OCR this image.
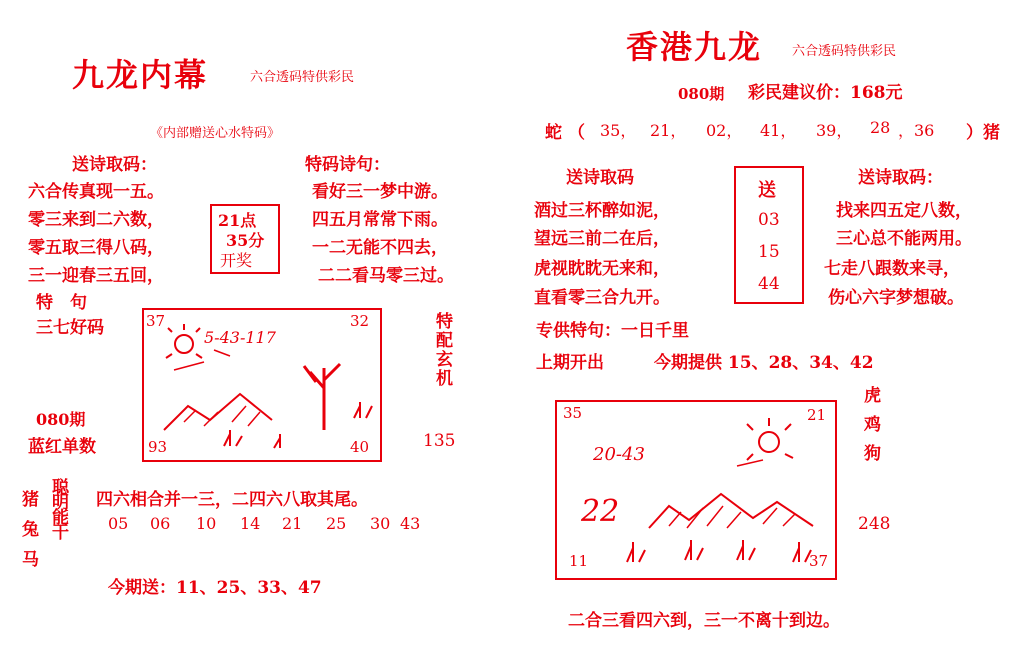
九龙内幕	六合透码特供彩民
《内部赠送心水特码》
送诗取码：	特码诗句：
六合传真现一五。
零三来到二六数，
零五取三得八码，
三一迎春三五回，
看好三一梦中游。
四五月常常下雨。
一二无能不四去，
二二看马零三过。
21点
35分
开奖
特　句
三七好码
080期
蓝红单数
37	32
93	40
5-43-117	特配玄机
135
猪
兔
马
聪明能干 四六相合并一三，二四六八取其尾。
05 06 10 14 21 25 30 43
今期送：11、25、33、47
香港九龙 六合透码特供彩民
080期 彩民建议价：168元
蛇 （ 35， 21， 02， 41， 39， 28 ，36 ）猪
送诗取码	送诗取码：
酒过三杯醉如泥，
望远三前二在后，
虎视眈眈无来和，
直看零三合九开。
找来四五定八数，
三心总不能两用。
七走八跟数来寻，
伤心六字梦想破。
送
03
15
44
专供特句：一日千里
上期开出	今期提供 15、28、34、42
35	21
11	37
20-43
22
虎鸡狗
248
二合三看四六到，三一不离十到边。
